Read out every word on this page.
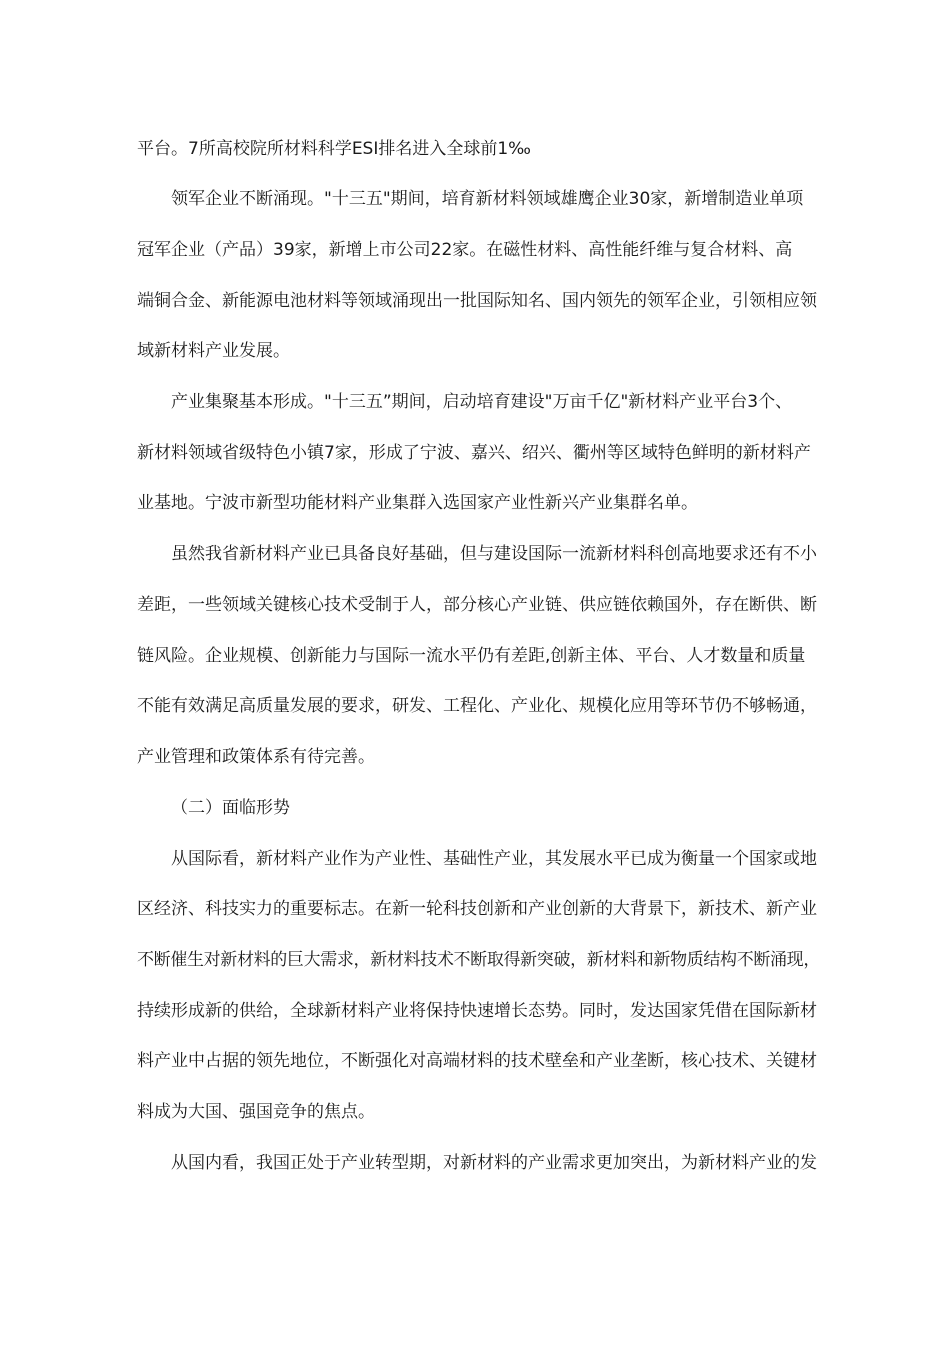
平台。7所高校院所材料科学ESI排名进入全球前1‰

领军企业不断涌现。"十三五"期间，培育新材料领域雄鹰企业30家，新增制造业单项

冠军企业（产品）39家，新增上市公司22家。在磁性材料、高性能纤维与复合材料、高

端铜合金、新能源电池材料等领域涌现出一批国际知名、国内领先的领军企业，引领相应领

域新材料产业发展。

产业集聚基本形成。"十三五”期间，启动培育建设"万亩千亿"新材料产业平台3个、

新材料领域省级特色小镇7家，形成了宁波、嘉兴、绍兴、衢州等区域特色鲜明的新材料产

业基地。宁波市新型功能材料产业集群入选国家产业性新兴产业集群名单。

虽然我省新材料产业已具备良好基础，但与建设国际一流新材料科创高地要求还有不小

差距，一些领域关键核心技术受制于人，部分核心产业链、供应链依赖国外，存在断供、断

链风险。企业规模、创新能力与国际一流水平仍有差距,创新主体、平台、人才数量和质量

不能有效满足高质量发展的要求，研发、工程化、产业化、规模化应用等环节仍不够畅通，

产业管理和政策体系有待完善。

（二）面临形势

从国际看，新材料产业作为产业性、基础性产业，其发展水平已成为衡量一个国家或地

区经济、科技实力的重要标志。在新一轮科技创新和产业创新的大背景下，新技术、新产业

不断催生对新材料的巨大需求，新材料技术不断取得新突破，新材料和新物质结构不断涌现，

持续形成新的供给，全球新材料产业将保持快速增长态势。同时，发达国家凭借在国际新材

料产业中占据的领先地位，不断强化对高端材料的技术壁垒和产业垄断，核心技术、关键材

料成为大国、强国竞争的焦点。

从国内看，我国正处于产业转型期，对新材料的产业需求更加突出，为新材料产业的发
